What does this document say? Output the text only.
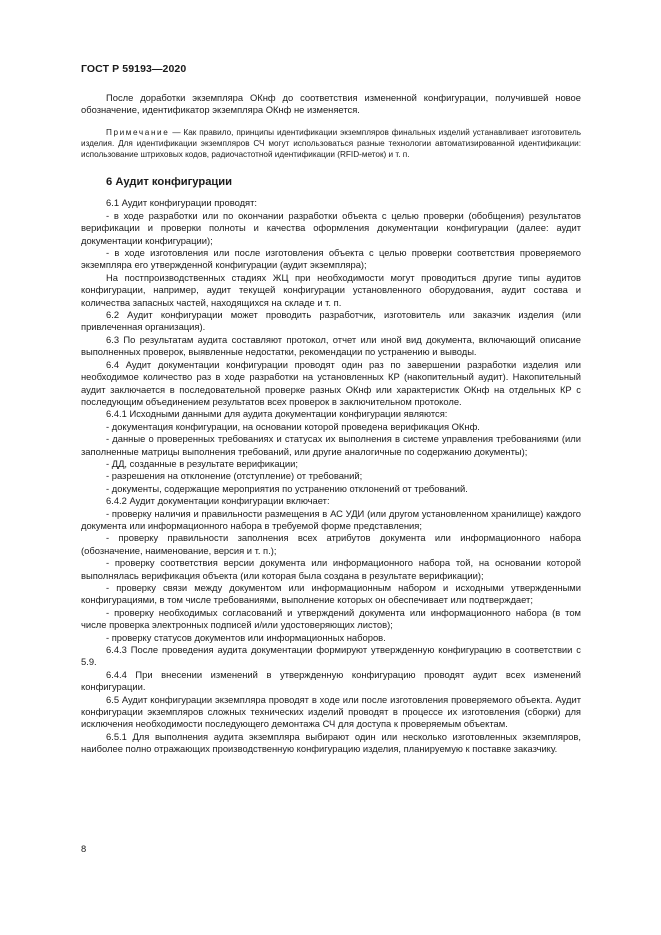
ГОСТ Р 59193—2020

После доработки экземпляра ОКнф до соответствия измененной конфигурации, получившей новое обозначение, идентификатор экземпляра ОКнф не изменяется.

Примечание — Как правило, принципы идентификации экземпляров финальных изделий устанавливает изготовитель изделия. Для идентификации экземпляров СЧ могут использоваться разные технологии автоматизированной идентификации: использование штриховых кодов, радиочастотной идентификации (RFID-меток) и т. п.

6 Аудит конфигурации

6.1 Аудит конфигурации проводят:

- в ходе разработки или по окончании разработки объекта с целью проверки (обобщения) результатов верификации и проверки полноты и качества оформления документации конфигурации (далее: аудит документации конфигурации);

- в ходе изготовления или после изготовления объекта с целью проверки соответствия проверяемого экземпляра его утвержденной конфигурации (аудит экземпляра);

На постпроизводственных стадиях ЖЦ при необходимости могут проводиться другие типы аудитов конфигурации, например, аудит текущей конфигурации установленного оборудования, аудит состава и количества запасных частей, находящихся на складе и т. п.

6.2 Аудит конфигурации может проводить разработчик, изготовитель или заказчик изделия (или привлеченная организация).

6.3 По результатам аудита составляют протокол, отчет или иной вид документа, включающий описание выполненных проверок, выявленные недостатки, рекомендации по устранению и выводы.

6.4 Аудит документации конфигурации проводят один раз по завершении разработки изделия или необходимое количество раз в ходе разработки на установленных КР (накопительный аудит). Накопительный аудит заключается в последовательной проверке разных ОКнф или характеристик ОКнф на отдельных КР с последующим объединением результатов всех проверок в заключительном протоколе.

6.4.1 Исходными данными для аудита документации конфигурации являются:

- документация конфигурации, на основании которой проведена верификация ОКнф.

- данные о проверенных требованиях и статусах их выполнения в системе управления требованиями (или заполненные матрицы выполнения требований, или другие аналогичные по содержанию документы);

- ДД, созданные в результате верификации;

- разрешения на отклонение (отступление) от требований;

- документы, содержащие мероприятия по устранению отклонений от требований.

6.4.2 Аудит документации конфигурации включает:

- проверку наличия и правильности размещения в АС УДИ (или другом установленном хранилище) каждого документа или информационного набора в требуемой форме представления;

- проверку правильности заполнения всех атрибутов документа или информационного набора (обозначение, наименование, версия и т. п.);

- проверку соответствия версии документа или информационного набора той, на основании которой выполнялась верификация объекта (или которая была создана в результате верификации);

- проверку связи между документом или информационным набором и исходными утвержденными конфигурациями, в том числе требованиями, выполнение которых он обеспечивает или подтверждает;

- проверку необходимых согласований и утверждений документа или информационного набора (в том числе проверка электронных подписей и/или удостоверяющих листов);

- проверку статусов документов или информационных наборов.

6.4.3 После проведения аудита документации формируют утвержденную конфигурацию в соответствии с 5.9.

6.4.4 При внесении изменений в утвержденную конфигурацию проводят аудит всех изменений конфигурации.

6.5 Аудит конфигурации экземпляра проводят в ходе или после изготовления проверяемого объекта. Аудит конфигурации экземпляров сложных технических изделий проводят в процессе их изготовления (сборки) для исключения необходимости последующего демонтажа СЧ для доступа к проверяемым объектам.

6.5.1 Для выполнения аудита экземпляра выбирают один или несколько изготовленных экземпляров, наиболее полно отражающих производственную конфигурацию изделия, планируемую к поставке заказчику.

8
